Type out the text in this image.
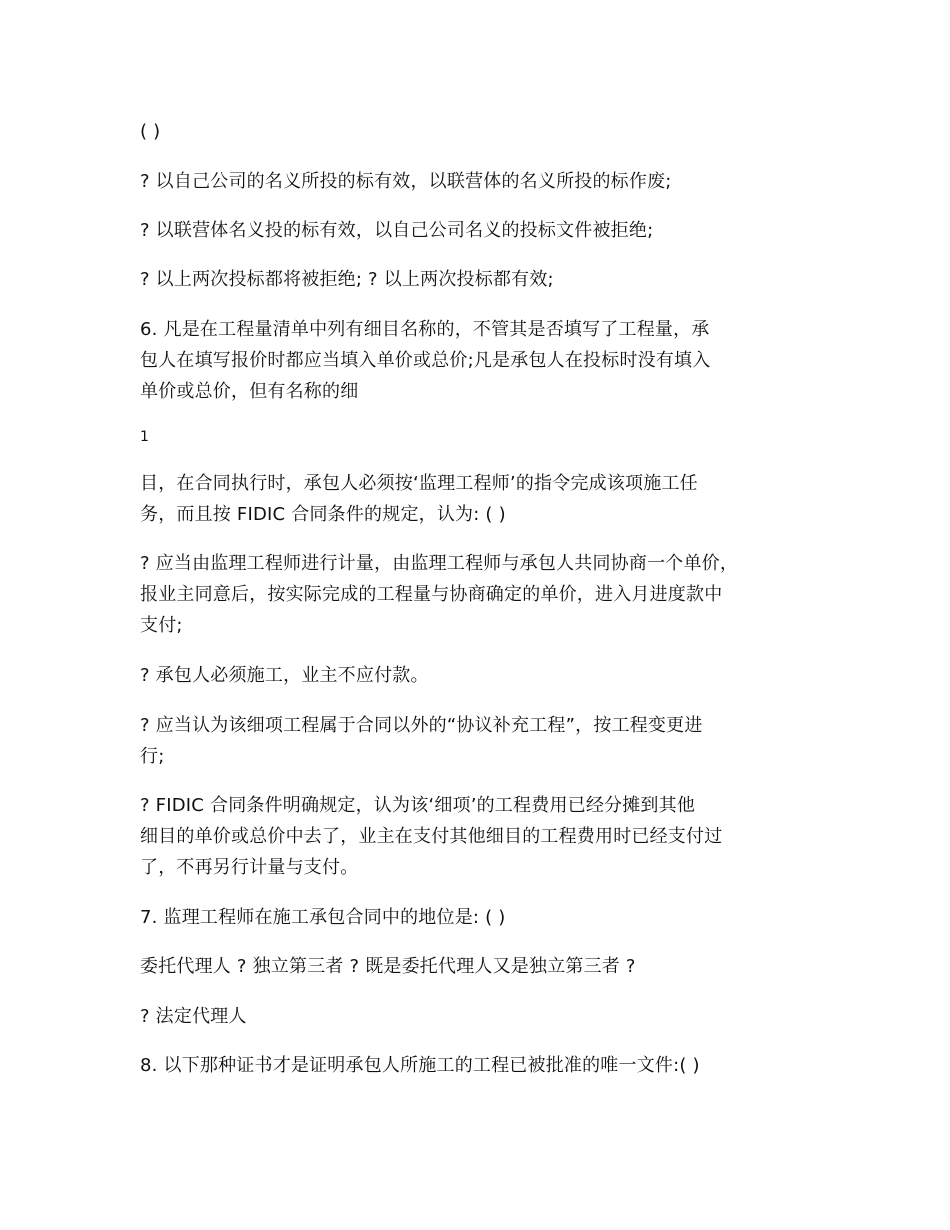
( )
? 以自己公司的名义所投的标有效，以联营体的名义所投的标作废;
? 以联营体名义投的标有效，以自己公司名义的投标文件被拒绝;
? 以上两次投标都将被拒绝; ? 以上两次投标都有效;
6. 凡是在工程量清单中列有细目名称的，不管其是否填写了工程量，承
包人在填写报价时都应当填入单价或总价;凡是承包人在投标时没有填入
单价或总价，但有名称的细
1
目，在合同执行时，承包人必须按‘监理工程师’的指令完成该项施工任
务，而且按 FIDIC 合同条件的规定，认为: ( )
? 应当由监理工程师进行计量，由监理工程师与承包人共同协商一个单价，
报业主同意后，按实际完成的工程量与协商确定的单价，进入月进度款中
支付;
? 承包人必须施工，业主不应付款。
? 应当认为该细项工程属于合同以外的“协议补充工程”，按工程变更进
行;
? FIDIC 合同条件明确规定，认为该‘细项’的工程费用已经分摊到其他
细目的单价或总价中去了，业主在支付其他细目的工程费用时已经支付过
了，不再另行计量与支付。
7. 监理工程师在施工承包合同中的地位是: ( )
委托代理人 ? 独立第三者 ? 既是委托代理人又是独立第三者 ?
? 法定代理人
8. 以下那种证书才是证明承包人所施工的工程已被批准的唯一文件:( )
